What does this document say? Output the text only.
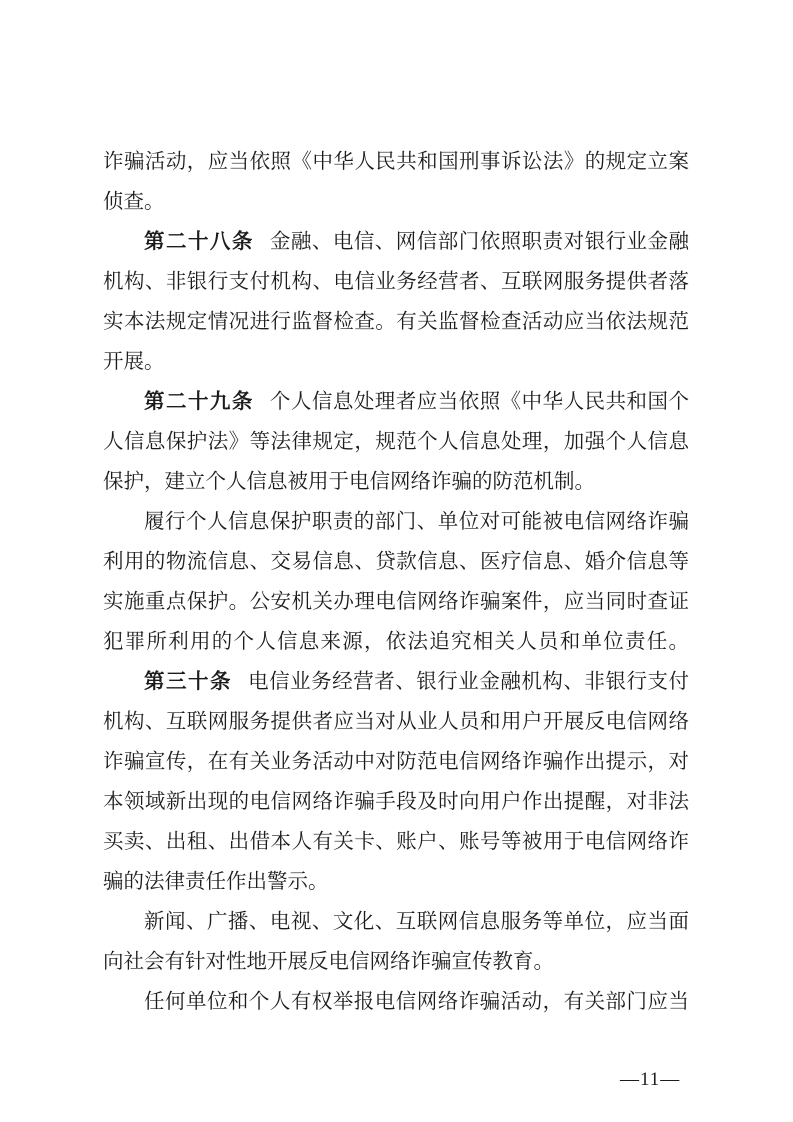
诈骗活动，应当依照《中华人民共和国刑事诉讼法》的规定立案

侦查。

第二十八条 金融、电信、网信部门依照职责对银行业金融

机构、非银行支付机构、电信业务经营者、互联网服务提供者落

实本法规定情况进行监督检查。有关监督检查活动应当依法规范

开展。

第二十九条 个人信息处理者应当依照《中华人民共和国个

人信息保护法》等法律规定，规范个人信息处理，加强个人信息

保护，建立个人信息被用于电信网络诈骗的防范机制。

履行个人信息保护职责的部门、单位对可能被电信网络诈骗

利用的物流信息、交易信息、贷款信息、医疗信息、婚介信息等

实施重点保护。公安机关办理电信网络诈骗案件，应当同时查证

犯罪所利用的个人信息来源，依法追究相关人员和单位责任。

第三十条 电信业务经营者、银行业金融机构、非银行支付

机构、互联网服务提供者应当对从业人员和用户开展反电信网络

诈骗宣传，在有关业务活动中对防范电信网络诈骗作出提示，对

本领域新出现的电信网络诈骗手段及时向用户作出提醒，对非法

买卖、出租、出借本人有关卡、账户、账号等被用于电信网络诈

骗的法律责任作出警示。

新闻、广播、电视、文化、互联网信息服务等单位，应当面

向社会有针对性地开展反电信网络诈骗宣传教育。

任何单位和个人有权举报电信网络诈骗活动，有关部门应当

—11—
